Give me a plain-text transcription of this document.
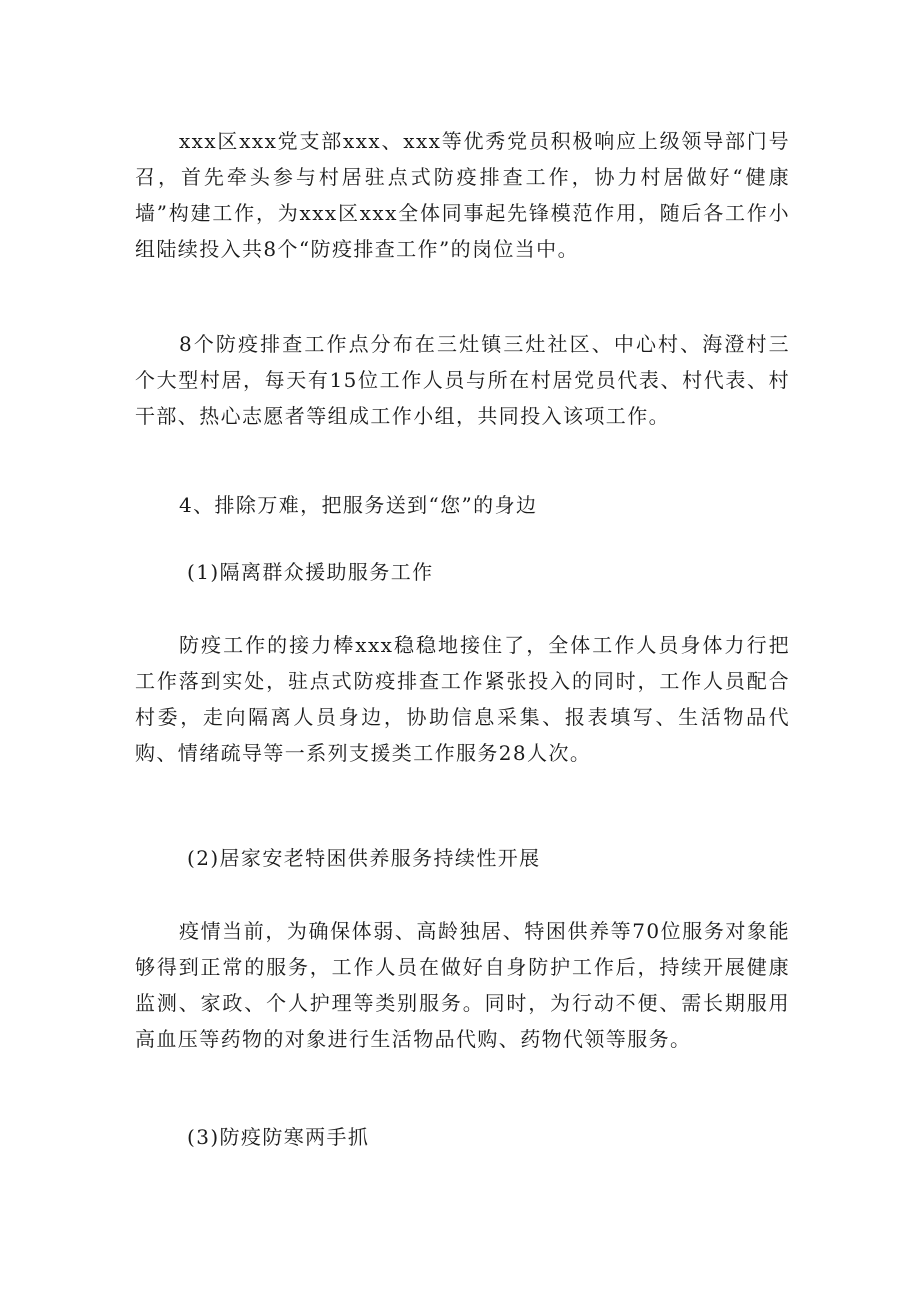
xxx区xxx党支部xxx、xxx等优秀党员积极响应上级领导部门号召，首先牵头参与村居驻点式防疫排查工作，协力村居做好“健康墙”构建工作，为xxx区xxx全体同事起先锋模范作用，随后各工作小组陆续投入共8个“防疫排查工作”的岗位当中。

8个防疫排查工作点分布在三灶镇三灶社区、中心村、海澄村三个大型村居，每天有15位工作人员与所在村居党员代表、村代表、村干部、热心志愿者等组成工作小组，共同投入该项工作。

4、排除万难，把服务送到“您”的身边

(1)隔离群众援助服务工作

防疫工作的接力棒xxx稳稳地接住了，全体工作人员身体力行把工作落到实处，驻点式防疫排查工作紧张投入的同时，工作人员配合村委，走向隔离人员身边，协助信息采集、报表填写、生活物品代购、情绪疏导等一系列支援类工作服务28人次。

(2)居家安老特困供养服务持续性开展

疫情当前，为确保体弱、高龄独居、特困供养等70位服务对象能够得到正常的服务，工作人员在做好自身防护工作后，持续开展健康监测、家政、个人护理等类别服务。同时，为行动不便、需长期服用高血压等药物的对象进行生活物品代购、药物代领等服务。

(3)防疫防寒两手抓
